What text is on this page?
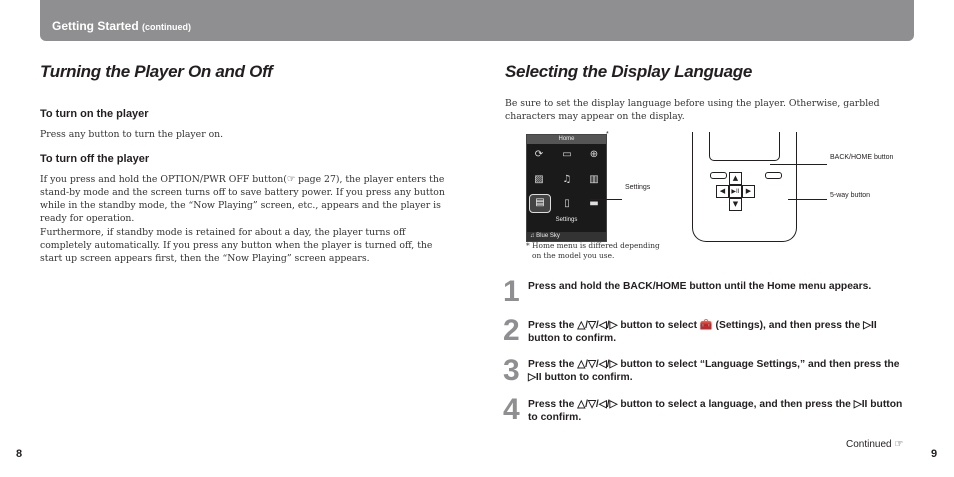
Getting Started (continued)
Turning the Player On and Off
To turn on the player

Press any button to turn the player on.

To turn off the player

If you press and hold the OPTION/PWR OFF button(☞ page 27), the player enters the stand-by mode and the screen turns off to save battery power. If you press any button while in the standby mode, the “Now Playing” screen, etc., appears and the player is ready for operation.

Furthermore, if standby mode is retained for about a day, the player turns off completely automatically. If you press any button when the player is turned off, the start up screen appears first, then the “Now Playing” screen appears.

8
Selecting the Display Language

Be sure to set the display language before using the player. Otherwise, garbled characters may appear on the display.

Home
⟳ ▭ ⊕
▨ ♫ ▥
▤	▯	▬
Settings
♫ Blue Sky
*
Settings

* Home menu is differed depending
on the model you use.

▲
◀	▶II ▶
▼
BACK/HOME button
5-way button
1 Press and hold the BACK/HOME button until the Home menu appears.
2 Press the △/▽/◁/▷ button to select 🧰 (Settings), and then press the ▷II button to confirm.
3 Press the △/▽/◁/▷ button to select “Language Settings,” and then press the ▷II button to confirm.
4 Press the △/▽/◁/▷ button to select a language, and then press the ▷II button to confirm.
Continued ☞
9
